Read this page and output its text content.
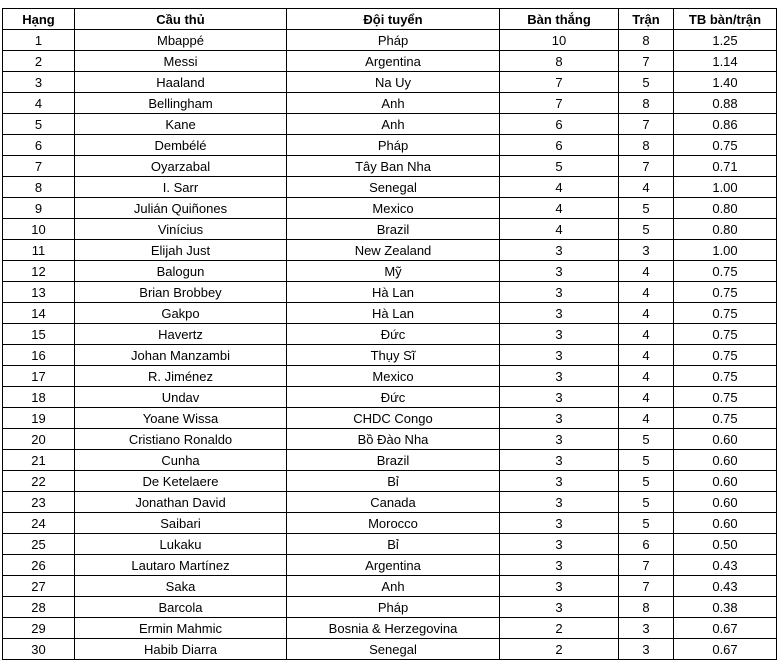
Hạng	Cầu thủ	Đội tuyển	Bàn thắng	Trận	TB bàn/trận
1	Mbappé	Pháp	10	8	1.25
2	Messi	Argentina	8	7	1.14
3	Haaland	Na Uy	7	5	1.40
4	Bellingham	Anh	7	8	0.88
5	Kane	Anh	6	7	0.86
6	Dembélé	Pháp	6	8	0.75
7	Oyarzabal	Tây Ban Nha	5	7	0.71
8	I. Sarr	Senegal	4	4	1.00
9	Julián Quiñones	Mexico	4	5	0.80
10	Vinícius	Brazil	4	5	0.80
11	Elijah Just	New Zealand	3	3	1.00
12	Balogun	Mỹ	3	4	0.75
13	Brian Brobbey	Hà Lan	3	4	0.75
14	Gakpo	Hà Lan	3	4	0.75
15	Havertz	Đức	3	4	0.75
16	Johan Manzambi	Thụy Sĩ	3	4	0.75
17	R. Jiménez	Mexico	3	4	0.75
18	Undav	Đức	3	4	0.75
19	Yoane Wissa	CHDC Congo	3	4	0.75
20	Cristiano Ronaldo	Bồ Đào Nha	3	5	0.60
21	Cunha	Brazil	3	5	0.60
22	De Ketelaere	Bỉ	3	5	0.60
23	Jonathan David	Canada	3	5	0.60
24	Saibari	Morocco	3	5	0.60
25	Lukaku	Bỉ	3	6	0.50
26	Lautaro Martínez	Argentina	3	7	0.43
27	Saka	Anh	3	7	0.43
28	Barcola	Pháp	3	8	0.38
29	Ermin Mahmic	Bosnia & Herzegovina	2	3	0.67
30	Habib Diarra	Senegal	2	3	0.67
